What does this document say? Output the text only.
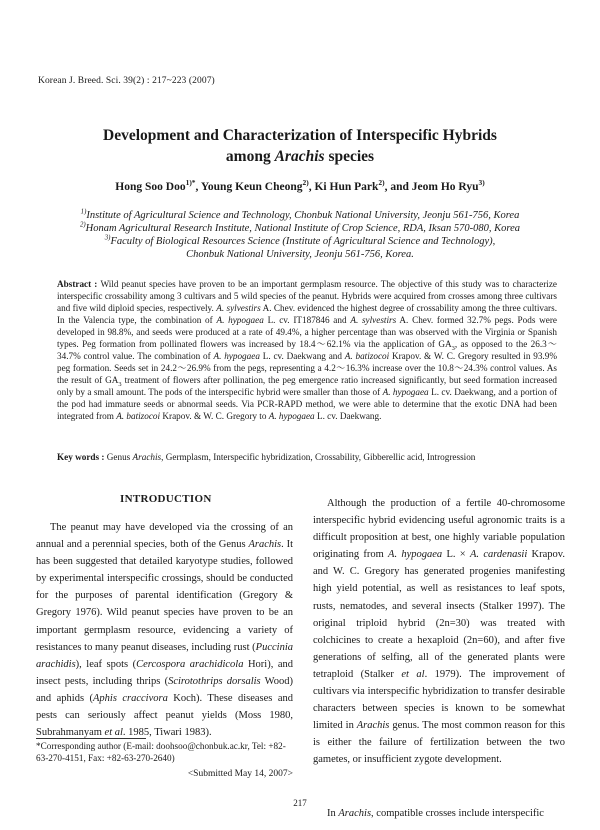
Korean J. Breed. Sci. 39(2) : 217~223 (2007)
Development and Characterization of Interspecific Hybrids
among Arachis species
Hong Soo Doo$^{1)*}$, Young Keun Cheong$^{2)}$, Ki Hun Park$^{2)}$, and Jeom Ho Ryu$^{3)}$
$^{1)}$Institute of Agricultural Science and Technology, Chonbuk National University, Jeonju 561-756, Korea
$^{2)}$Honam Agricultural Research Institute, National Institute of Crop Science, RDA, Iksan 570-080, Korea
$^{3)}$Faculty of Biological Resources Science (Institute of Agricultural Science and Technology),
Chonbuk National University, Jeonju 561-756, Korea.
Abstract : Wild peanut species have proven to be an important germplasm resource. The objective of this study was to characterize interspecific crossability among 3 cultivars and 5 wild species of the peanut. Hybrids were acquired from crosses among three cultivars and five wild diploid species, respectively. A. sylvestirs A. Chev. evidenced the highest degree of crossability among the three cultivars. In the Valencia type, the combination of A. hypogaea L. cv. IT187846 and A. sylvestirs A. Chev. formed 32.7% pegs. Pods were developed in 98.8%, and seeds were produced at a rate of 49.4%, a higher percentage than was observed with the Virginia or Spanish types. Peg formation from pollinated flowers was increased by 18.4～62.1% via the application of $GA_3$, as opposed to the 26.3～34.7% control value. The combination of A. hypogaea L. cv. Daekwang and A. batizocoi Krapov. & W. C. Gregory resulted in 93.9% peg formation. Seeds set in 24.2～26.9% from the pegs, representing a 4.2～16.3% increase over the 10.8～24.3% control values. As the result of $GA_3$ treatment of flowers after pollination, the peg emergence ratio increased significantly, but seed formation increased only by a small amount. The pods of the interspecific hybrid were smaller than those of A. hypogaea L. cv. Daekwang, and a portion of the pod had immature seeds or abnormal seeds. Via PCR-RAPD method, we were able to determine that the exotic DNA had been integrated from A. batizocoi Krapov. & W. C. Gregory to A. hypogaea L. cv. Daekwang.
Key words : Genus Arachis, Germplasm, Interspecific hybridization, Crossability, Gibberellic acid, Introgression
INTRODUCTION
The peanut may have developed via the crossing of an annual and a perennial species, both of the Genus Arachis. It has been suggested that detailed karyotype studies, followed by experimental interspecific crossings, should be conducted for the purposes of parental identification (Gregory & Gregory 1976). Wild peanut species have proven to be an important germplasm resource, evidencing a variety of resistances to many peanut diseases, including rust (Puccinia arachidis), leaf spots (Cercospora arachidicola Hori), and insect pests, including thrips (Scirotothrips dorsalis Wood) and aphids (Aphis craccivora Koch). These diseases and pests can seriously affect peanut yields (Moss 1980, Subrahmanyam et al. 1985, Tiwari 1983).
Although the production of a fertile 40-chromosome interspecific hybrid evidencing useful agronomic traits is a difficult proposition at best, one highly variable population originating from A. hypogaea L. × A. cardenasii Krapov. and W. C. Gregory has generated progenies manifesting high yield potential, as well as resistances to leaf spots, rusts, nematodes, and several insects (Stalker 1997). The original triploid hybrid (2n=30) was treated with colchicines to create a hexaploid (2n=60), and after five generations of selfing, all of the generated plants were tetraploid (Stalker et al. 1979). The improvement of cultivars via interspecific hybridization to transfer desirable characters between species is known to be somewhat limited in Arachis genus. The most common reason for this is either the failure of fertilization between the two gametes, or insufficient zygote development.
In Arachis, compatible crosses include interspecific
*Corresponding author (E-mail: doohsoo@chonbuk.ac.kr, Tel: +82-63-270-4151, Fax: +82-63-270-2640)
<Submitted May 14, 2007>
217
